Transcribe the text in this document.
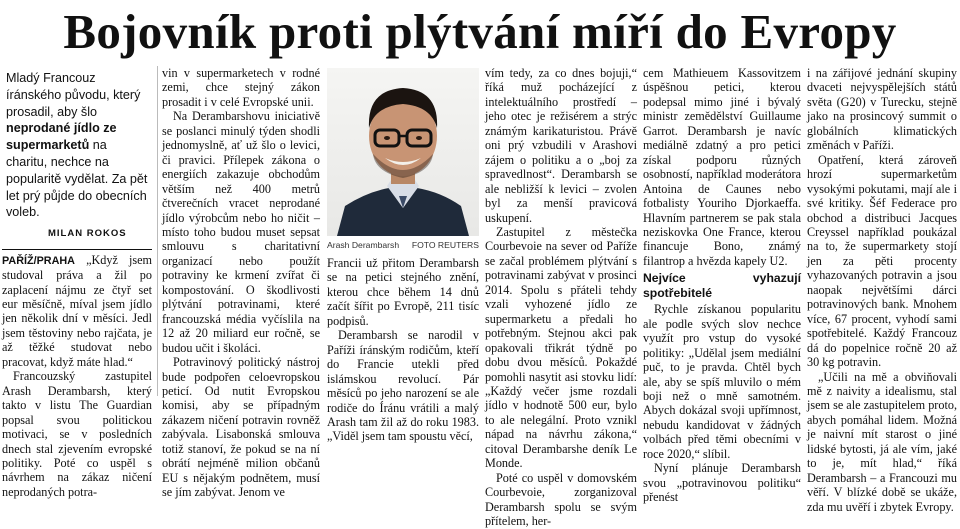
Bojovník proti plýtvání míří do Evropy
Mladý Francouz íránského původu, který prosadil, aby šlo neprodané jídlo ze supermarketů na charitu, nechce na popularitě vydělat. Za pět let prý půjde do obecních voleb.
MILAN ROKOS

PAŘÍŽ/PRAHA „Když jsem studoval práva a žil po zaplacení nájmu ze čtyř set eur měsíčně, míval jsem jídlo jen několik dní v měsíci. Jedl jsem těstoviny nebo rajčata, je až těžké studovat nebo pracovat, když máte hlad.“

Francouzský zastupitel Arash Derambarsh, který takto v listu The Guardian popsal svou politickou motivaci, se v posledních dnech stal zjevením evropské politiky. Poté co uspěl s návrhem na zákaz ničení neprodaných potra-

vin v supermarketech v rodné zemi, chce stejný zákon prosadit i v celé Evropské unii.

Na Derambarshovu iniciativě se poslanci minulý týden shodli jednomyslně, ať už šlo o levici, či pravici. Přílepek zákona o energiích zakazuje obchodům větším než 400 metrů čtverečních vracet neprodané jídlo výrobcům nebo ho ničit – místo toho budou muset sepsat smlouvu s charitativní organizací nebo použít potraviny ke krmení zvířat či kompostování. O škodlivosti plýtvání potravinami, které francouzská média vyčíslila na 12 až 20 miliard eur ročně, se budou učit i školáci.

Potravinový politický nástroj bude podpořen celoevropskou peticí. Od nutit Evropskou komisi, aby se případným zákazem ničení potravin rovněž zabývala. Lisabonská smlouva totiž stanoví, že pokud se na ní obrátí nejméně milion občanů EU s nějakým podnětem, musí se jím zabývat. Jenom ve

Arash Derambarsh FOTO REUTERS

Francii už přitom Derambarsh se na petici stejného znění, kterou chce během 14 dnů začít šířit po Evropě, 211 tisíc podpisů.

Derambarsh se narodil v Paříži íránským rodičům, kteří do Francie utekli před islámskou revolucí. Pár měsíců po jeho narození se ale rodiče do Íránu vrátili a malý Arash tam žil až do roku 1983. „Viděl jsem tam spoustu věcí,

vím tedy, za co dnes bojuji,“ říká muž pocházející z intelektuálního prostředí – jeho otec je režisérem a strýc známým karikaturistou. Právě oni prý vzbudili v Arashovi zájem o politiku a o „boj za spravedlnost“. Derambarsh se ale nebližší k levici – zvolen byl za menší pravicová uskupení.

Zastupitel z městečka Courbevoie na sever od Paříže se začal problémem plýtvání s potravinami zabývat v prosinci 2014. Spolu s přáteli tehdy vzali vyhozené jídlo ze supermarketu a předali ho potřebným. Stejnou akci pak opakovali třikrát týdně po dobu dvou měsíců. Pokaždé pomohli nasytit asi stovku lidí: „Každý večer jsme rozdali jídlo v hodnotě 500 eur, bylo to ale nelegální. Proto vznikl nápad na návrhu zákona,“ citoval Derambarshe deník Le Monde.

Poté co uspěl v domovském Courbevoie, zorganizoval Derambarsh spolu se svým přítelem, her-

cem Mathieuem Kassovitzem úspěšnou petici, kterou podepsal mimo jiné i bývalý ministr zemědělství Guillaume Garrot. Derambarsh je navíc mediálně zdatný a pro petici získal podporu různých osobností, například moderátora Antoina de Caunes nebo fotbalisty Youriho Djorkaeffa. Hlavním partnerem se pak stala neziskovka One France, kterou financuje Bono, známý filantrop a hvězda kapely U2.

Nejvíce vyhazují spotřebitelé

Rychle získanou popularitu ale podle svých slov nechce využít pro vstup do vysoké politiky: „Udělal jsem mediální puč, to je pravda. Chtěl bych ale, aby se spíš mluvilo o mém boji než o mně samotném. Abych dokázal svoji upřímnost, nebudu kandidovat v žádných volbách před těmi obecními v roce 2020,“ slíbil.

Nyní plánuje Derambarsh svou „potravinovou politiku“ přenést

i na zářijové jednání skupiny dvaceti nejvyspělejších států světa (G20) v Turecku, stejně jako na prosincový summit o globálních klimatických změnách v Paříži.

Opatření, která zároveň hrozí supermarketům vysokými pokutami, mají ale i své kritiky. Šéf Federace pro obchod a distribuci Jacques Creyssel například poukázal na to, že supermarkety stojí jen za pěti procenty vyhazovaných potravin a jsou naopak největšími dárci potravinových bank. Mnohem více, 67 procent, vyhodí sami spotřebitelé. Každý Francouz dá do popelnice ročně 20 až 30 kg potravin.

„Učili na mě a obviňovali mě z naivity a idealismu, stal jsem se ale zastupitelem proto, abych pomáhal lidem. Možná je naivní mít starost o jiné lidské bytosti, já ale vím, jaké to je, mít hlad,“ říká Derambarsh – a Francouzi mu věří. V blízké době se ukáže, zda mu uvěří i zbytek Evropy.
